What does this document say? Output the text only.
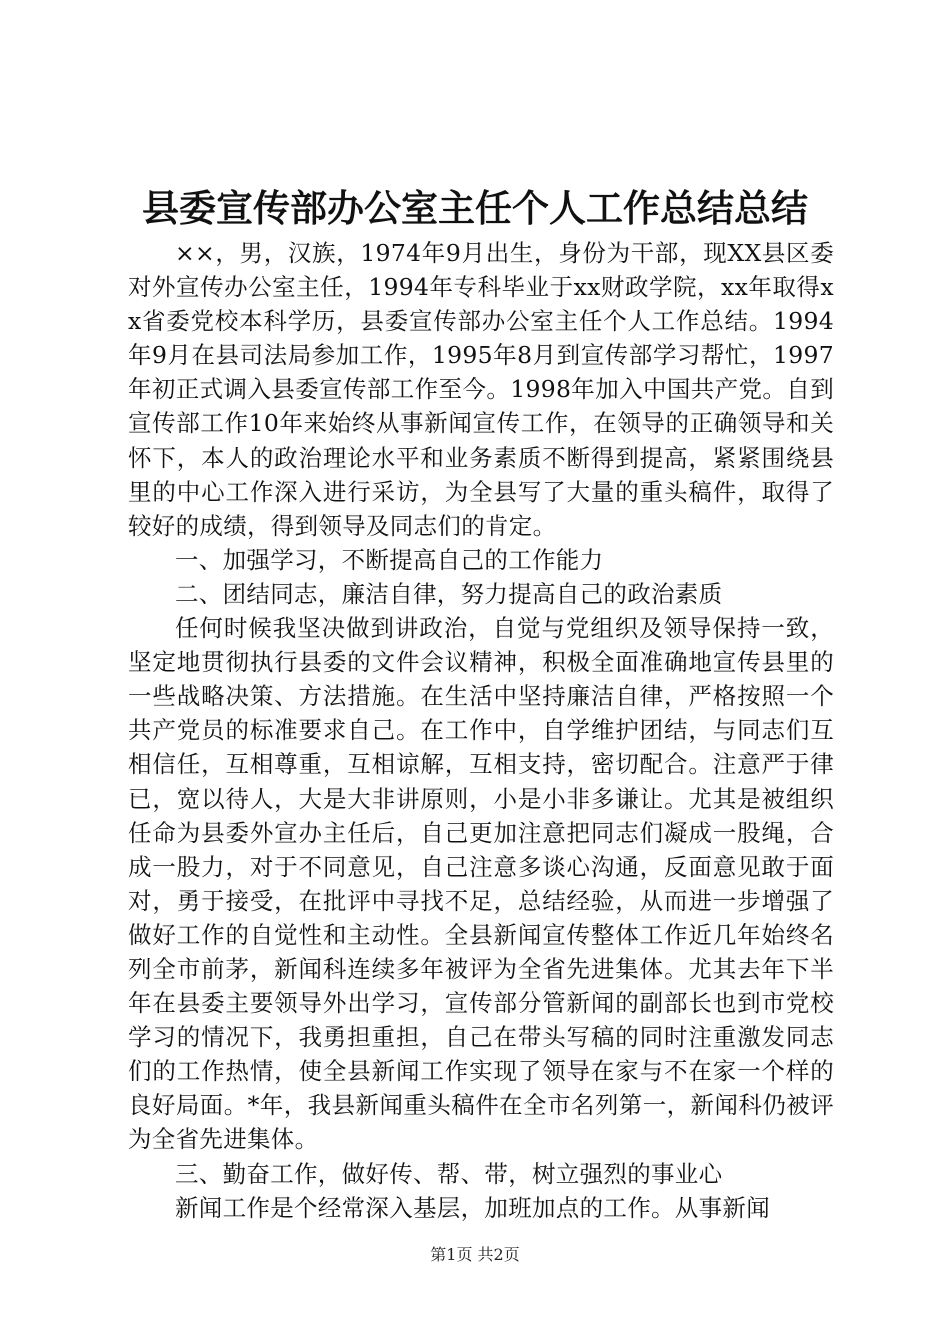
县委宣传部办公室主任个人工作总结总结

××，男，汉族，1974年9月出生，身份为干部，现XX县区委对外宣传办公室主任，1994年专科毕业于xx财政学院，xx年取得xx省委党校本科学历，县委宣传部办公室主任个人工作总结。1994年9月在县司法局参加工作，1995年8月到宣传部学习帮忙，1997年初正式调入县委宣传部工作至今。1998年加入中国共产党。自到宣传部工作10年来始终从事新闻宣传工作，在领导的正确领导和关怀下，本人的政治理论水平和业务素质不断得到提高，紧紧围绕县里的中心工作深入进行采访，为全县写了大量的重头稿件，取得了较好的成绩，得到领导及同志们的肯定。

一、加强学习，不断提高自己的工作能力

二、团结同志，廉洁自律，努力提高自己的政治素质

任何时候我坚决做到讲政治，自觉与党组织及领导保持一致，坚定地贯彻执行县委的文件会议精神，积极全面准确地宣传县里的一些战略决策、方法措施。在生活中坚持廉洁自律，严格按照一个共产党员的标准要求自己。在工作中，自学维护团结，与同志们互相信任，互相尊重，互相谅解，互相支持，密切配合。注意严于律已，宽以待人，大是大非讲原则，小是小非多谦让。尤其是被组织任命为县委外宣办主任后，自己更加注意把同志们凝成一股绳，合成一股力，对于不同意见，自己注意多谈心沟通，反面意见敢于面对，勇于接受，在批评中寻找不足，总结经验，从而进一步增强了做好工作的自觉性和主动性。全县新闻宣传整体工作近几年始终名列全市前茅，新闻科连续多年被评为全省先进集体。尤其去年下半年在县委主要领导外出学习，宣传部分管新闻的副部长也到市党校学习的情况下，我勇担重担，自己在带头写稿的同时注重激发同志们的工作热情，使全县新闻工作实现了领导在家与不在家一个样的良好局面。*年，我县新闻重头稿件在全市名列第一，新闻科仍被评为全省先进集体。

三、勤奋工作，做好传、帮、带，树立强烈的事业心

新闻工作是个经常深入基层，加班加点的工作。从事新闻

第1页 共2页
